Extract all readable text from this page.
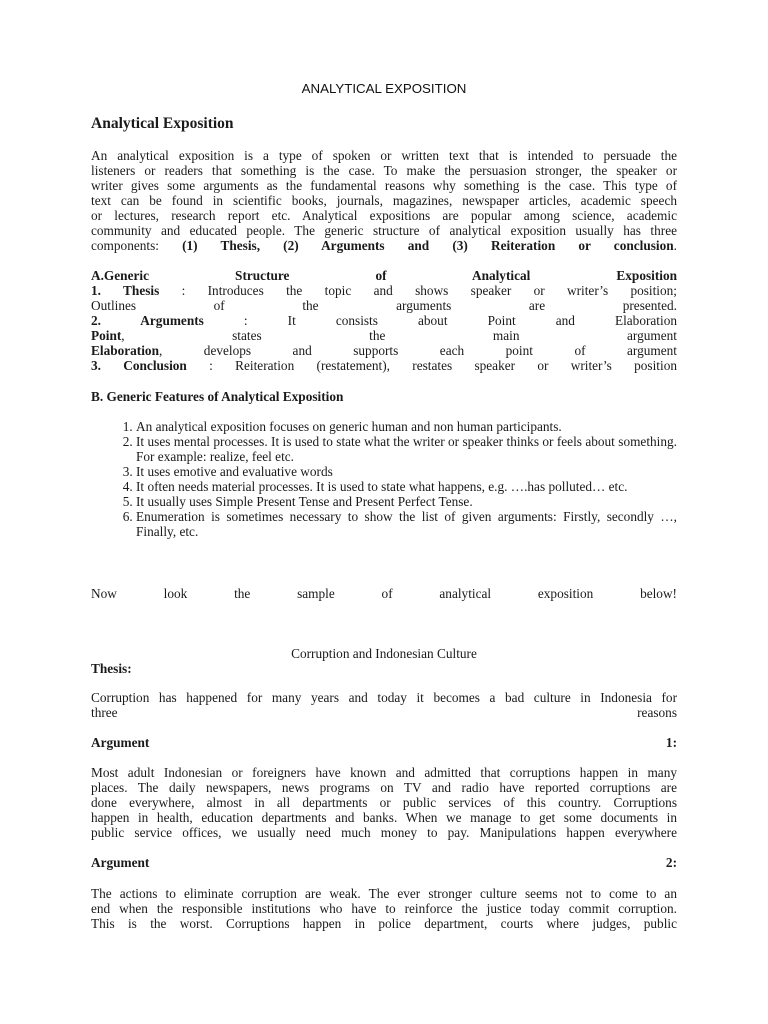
ANALYTICAL EXPOSITION
Analytical Exposition
An analytical exposition is a type of spoken or written text that is intended to persuade the
listeners or readers that something is the case. To make the persuasion stronger, the speaker or
writer gives some arguments as the fundamental reasons why something is the case. This type of
text can be found in scientific books, journals, magazines, newspaper articles, academic speech
or lectures, research report etc. Analytical expositions are popular among science, academic
community and educated people. The generic structure of analytical exposition usually has three
components: (1) Thesis, (2) Arguments and (3) Reiteration or conclusion.
A.Generic Structure of Analytical Exposition
1. Thesis : Introduces the topic and shows speaker or writer’s position;
Outlines of the arguments are presented.
2. Arguments	: It consists about Point and Elaboration
Point, states the main argument
Elaboration, develops and supports each point of argument
3. Conclusion : Reiteration (restatement), restates speaker or writer’s position
B. Generic Features of Analytical Exposition
1. An analytical exposition focuses on generic human and non human participants.
2. It uses mental processes. It is used to state what the writer or speaker thinks or feels about something. For example: realize, feel etc.
3. It uses emotive and evaluative words
4. It often needs material processes. It is used to state what happens, e.g. ….has polluted… etc.
5. It usually uses Simple Present Tense and Present Perfect Tense.
6. Enumeration is sometimes necessary to show the list of given arguments: Firstly, secondly …, Finally, etc.
Now look the sample of analytical exposition below!
Corruption and Indonesian Culture
Thesis:
Corruption has happened for many years and today it becomes a bad culture in Indonesia for
three reasons
Argument 1:
Most adult Indonesian or foreigners have known and admitted that corruptions happen in many
places. The daily newspapers, news programs on TV and radio have reported corruptions are
done everywhere, almost in all departments or public services of this country. Corruptions
happen in health, education departments and banks. When we manage to get some documents in
public service offices, we usually need much money to pay. Manipulations happen everywhere
Argument 2:
The actions to eliminate corruption are weak. The ever stronger culture seems not to come to an
end when the responsible institutions who have to reinforce the justice today commit corruption.
This is the worst. Corruptions happen in police department, courts where judges, public
